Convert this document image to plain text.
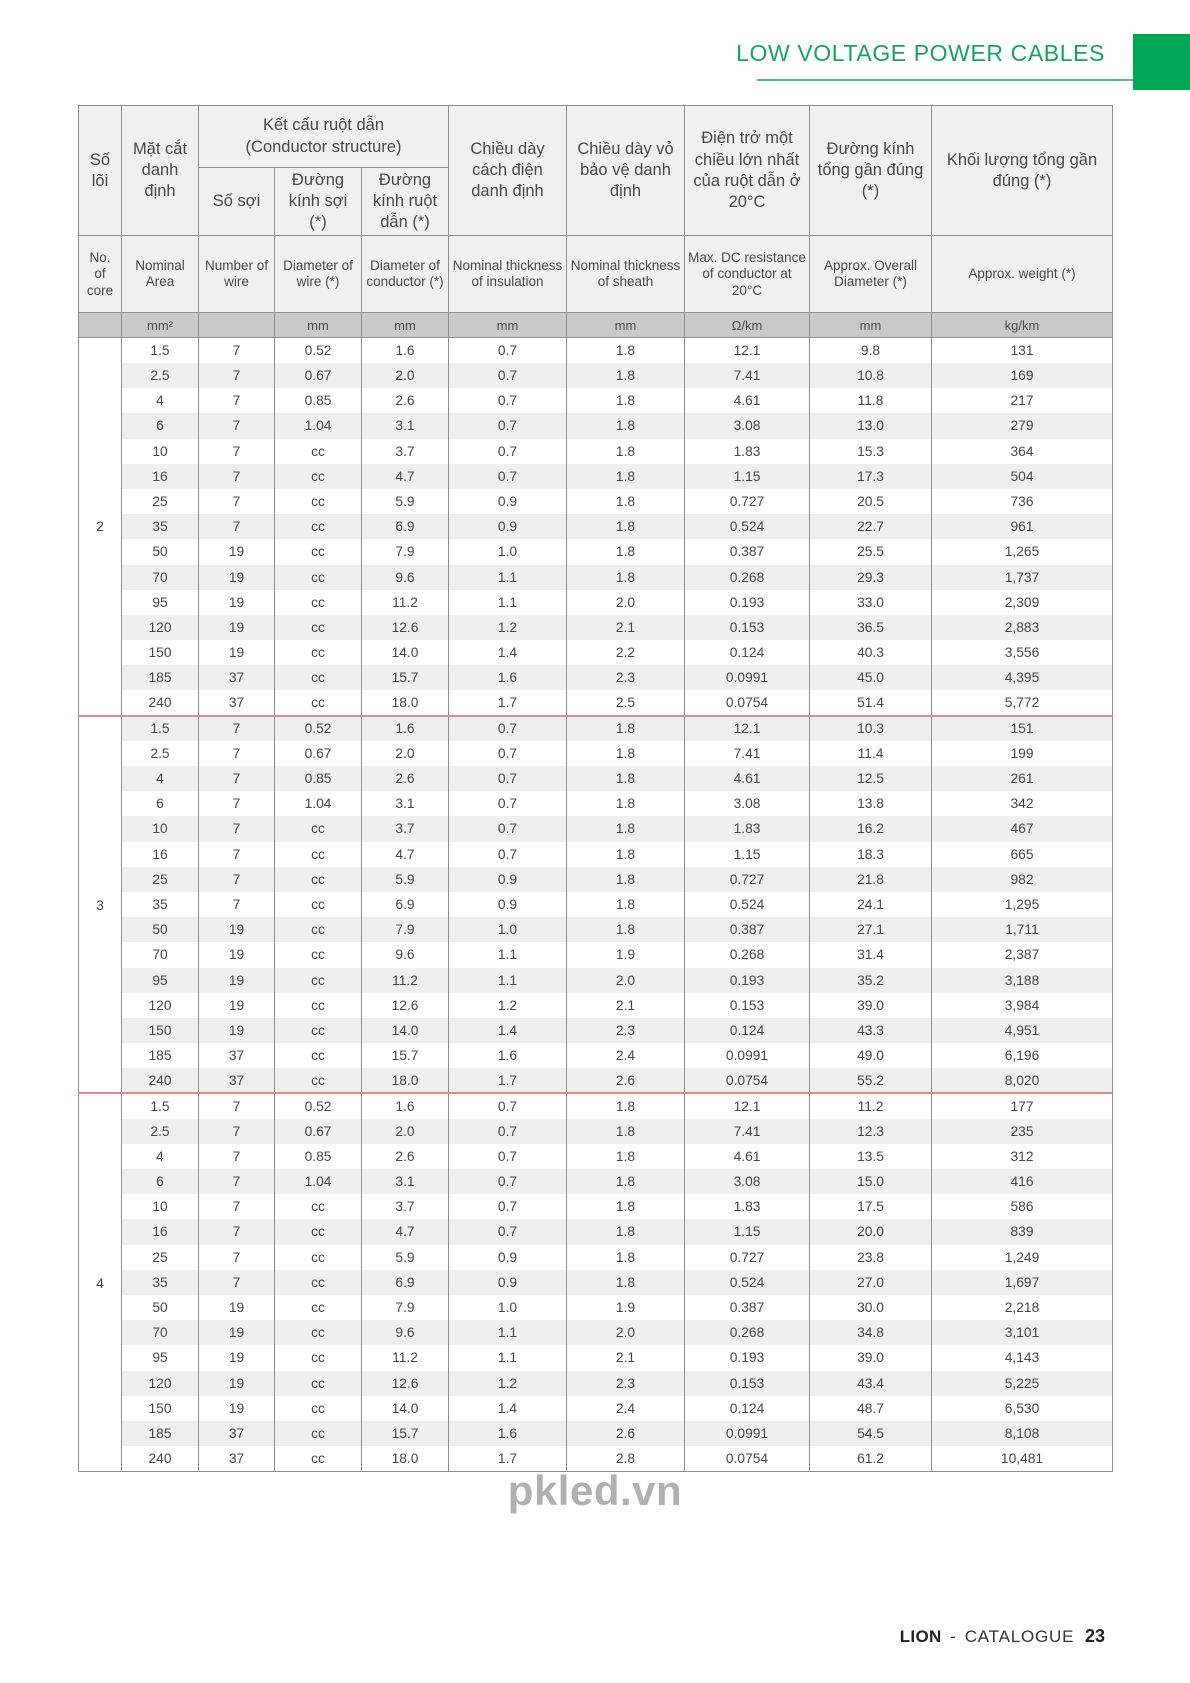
LOW VOLTAGE POWER CABLES
Số lõi	Mặt cắt danh định	Kết cấu ruột dẫn
(Conductor structure)			Chiều dày cách điện danh định	Chiều dày vỏ bảo vệ danh định	Điện trở một chiều lớn nhất của ruột dẫn ở 20°C	Đường kính tổng gần đúng (*)	Khối lượng tổng gần đúng (*)
		Số sợi	Đường kính sợi (*)	Đường kính ruột dẫn (*)					
No. of core	Nominal Area	Number of wire	Diameter of wire (*)	Diameter of conductor (*)	Nominal thickness of insulation	Nominal thickness of sheath	Max. DC resistance of conductor at 20°C	Approx. Overall Diameter (*)	Approx. weight (*)
	mm²		mm	mm	mm	mm	Ω/km	mm	kg/km
2	1.5	7	0.52	1.6	0.7	1.8	12.1	9.8	131
	2.5	7	0.67	2.0	0.7	1.8	7.41	10.8	169
	4	7	0.85	2.6	0.7	1.8	4.61	11.8	217
	6	7	1.04	3.1	0.7	1.8	3.08	13.0	279
	10	7	cc	3.7	0.7	1.8	1.83	15.3	364
	16	7	cc	4.7	0.7	1.8	1.15	17.3	504
	25	7	cc	5.9	0.9	1.8	0.727	20.5	736
	35	7	cc	6.9	0.9	1.8	0.524	22.7	961
	50	19	cc	7.9	1.0	1.8	0.387	25.5	1,265
	70	19	cc	9.6	1.1	1.8	0.268	29.3	1,737
	95	19	cc	11.2	1.1	2.0	0.193	33.0	2,309
	120	19	cc	12.6	1.2	2.1	0.153	36.5	2,883
	150	19	cc	14.0	1.4	2.2	0.124	40.3	3,556
	185	37	cc	15.7	1.6	2.3	0.0991	45.0	4,395
	240	37	cc	18.0	1.7	2.5	0.0754	51.4	5,772
3	1.5	7	0.52	1.6	0.7	1.8	12.1	10.3	151
	2.5	7	0.67	2.0	0.7	1.8	7.41	11.4	199
	4	7	0.85	2.6	0.7	1.8	4.61	12.5	261
	6	7	1.04	3.1	0.7	1.8	3.08	13.8	342
	10	7	cc	3.7	0.7	1.8	1.83	16.2	467
	16	7	cc	4.7	0.7	1.8	1.15	18.3	665
	25	7	cc	5.9	0.9	1.8	0.727	21.8	982
	35	7	cc	6.9	0.9	1.8	0.524	24.1	1,295
	50	19	cc	7.9	1.0	1.8	0.387	27.1	1,711
	70	19	cc	9.6	1.1	1.9	0.268	31.4	2,387
	95	19	cc	11.2	1.1	2.0	0.193	35.2	3,188
	120	19	cc	12.6	1.2	2.1	0.153	39.0	3,984
	150	19	cc	14.0	1.4	2.3	0.124	43.3	4,951
	185	37	cc	15.7	1.6	2.4	0.0991	49.0	6,196
	240	37	cc	18.0	1.7	2.6	0.0754	55.2	8,020
4	1.5	7	0.52	1.6	0.7	1.8	12.1	11.2	177
	2.5	7	0.67	2.0	0.7	1.8	7.41	12.3	235
	4	7	0.85	2.6	0.7	1.8	4.61	13.5	312
	6	7	1.04	3.1	0.7	1.8	3.08	15.0	416
	10	7	cc	3.7	0.7	1.8	1.83	17.5	586
	16	7	cc	4.7	0.7	1.8	1.15	20.0	839
	25	7	cc	5.9	0.9	1.8	0.727	23.8	1,249
	35	7	cc	6.9	0.9	1.8	0.524	27.0	1,697
	50	19	cc	7.9	1.0	1.9	0.387	30.0	2,218
	70	19	cc	9.6	1.1	2.0	0.268	34.8	3,101
	95	19	cc	11.2	1.1	2.1	0.193	39.0	4,143
	120	19	cc	12.6	1.2	2.3	0.153	43.4	5,225
	150	19	cc	14.0	1.4	2.4	0.124	48.7	6,530
	185	37	cc	15.7	1.6	2.6	0.0991	54.5	8,108
	240	37	cc	18.0	1.7	2.8	0.0754	61.2	10,481
pkled.vn
LION - CATALOGUE 23
